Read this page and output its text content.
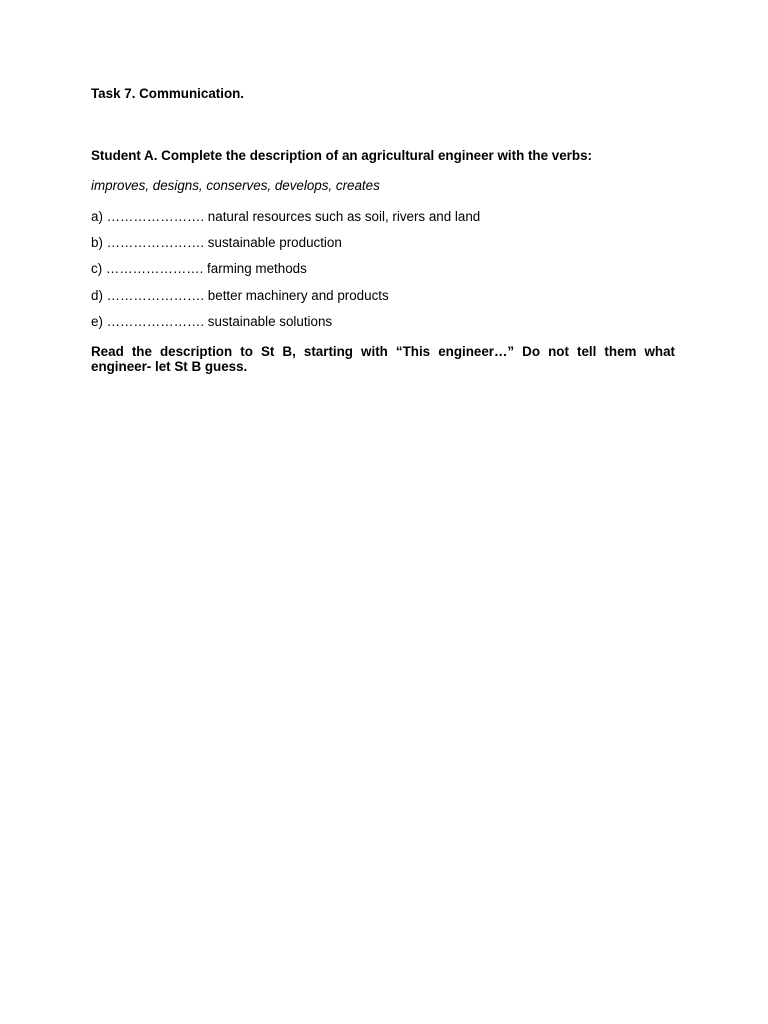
Task 7. Communication.

Student A. Complete the description of an agricultural engineer with the verbs:

improves, designs, conserves, develops, creates

a) …………………. natural resources such as soil, rivers and land
b) …………………. sustainable production
c) …………………. farming methods
d) …………………. better machinery and products
e) …………………. sustainable solutions

Read the description to St B, starting with “This engineer…” Do not tell them what engineer- let St B guess.
